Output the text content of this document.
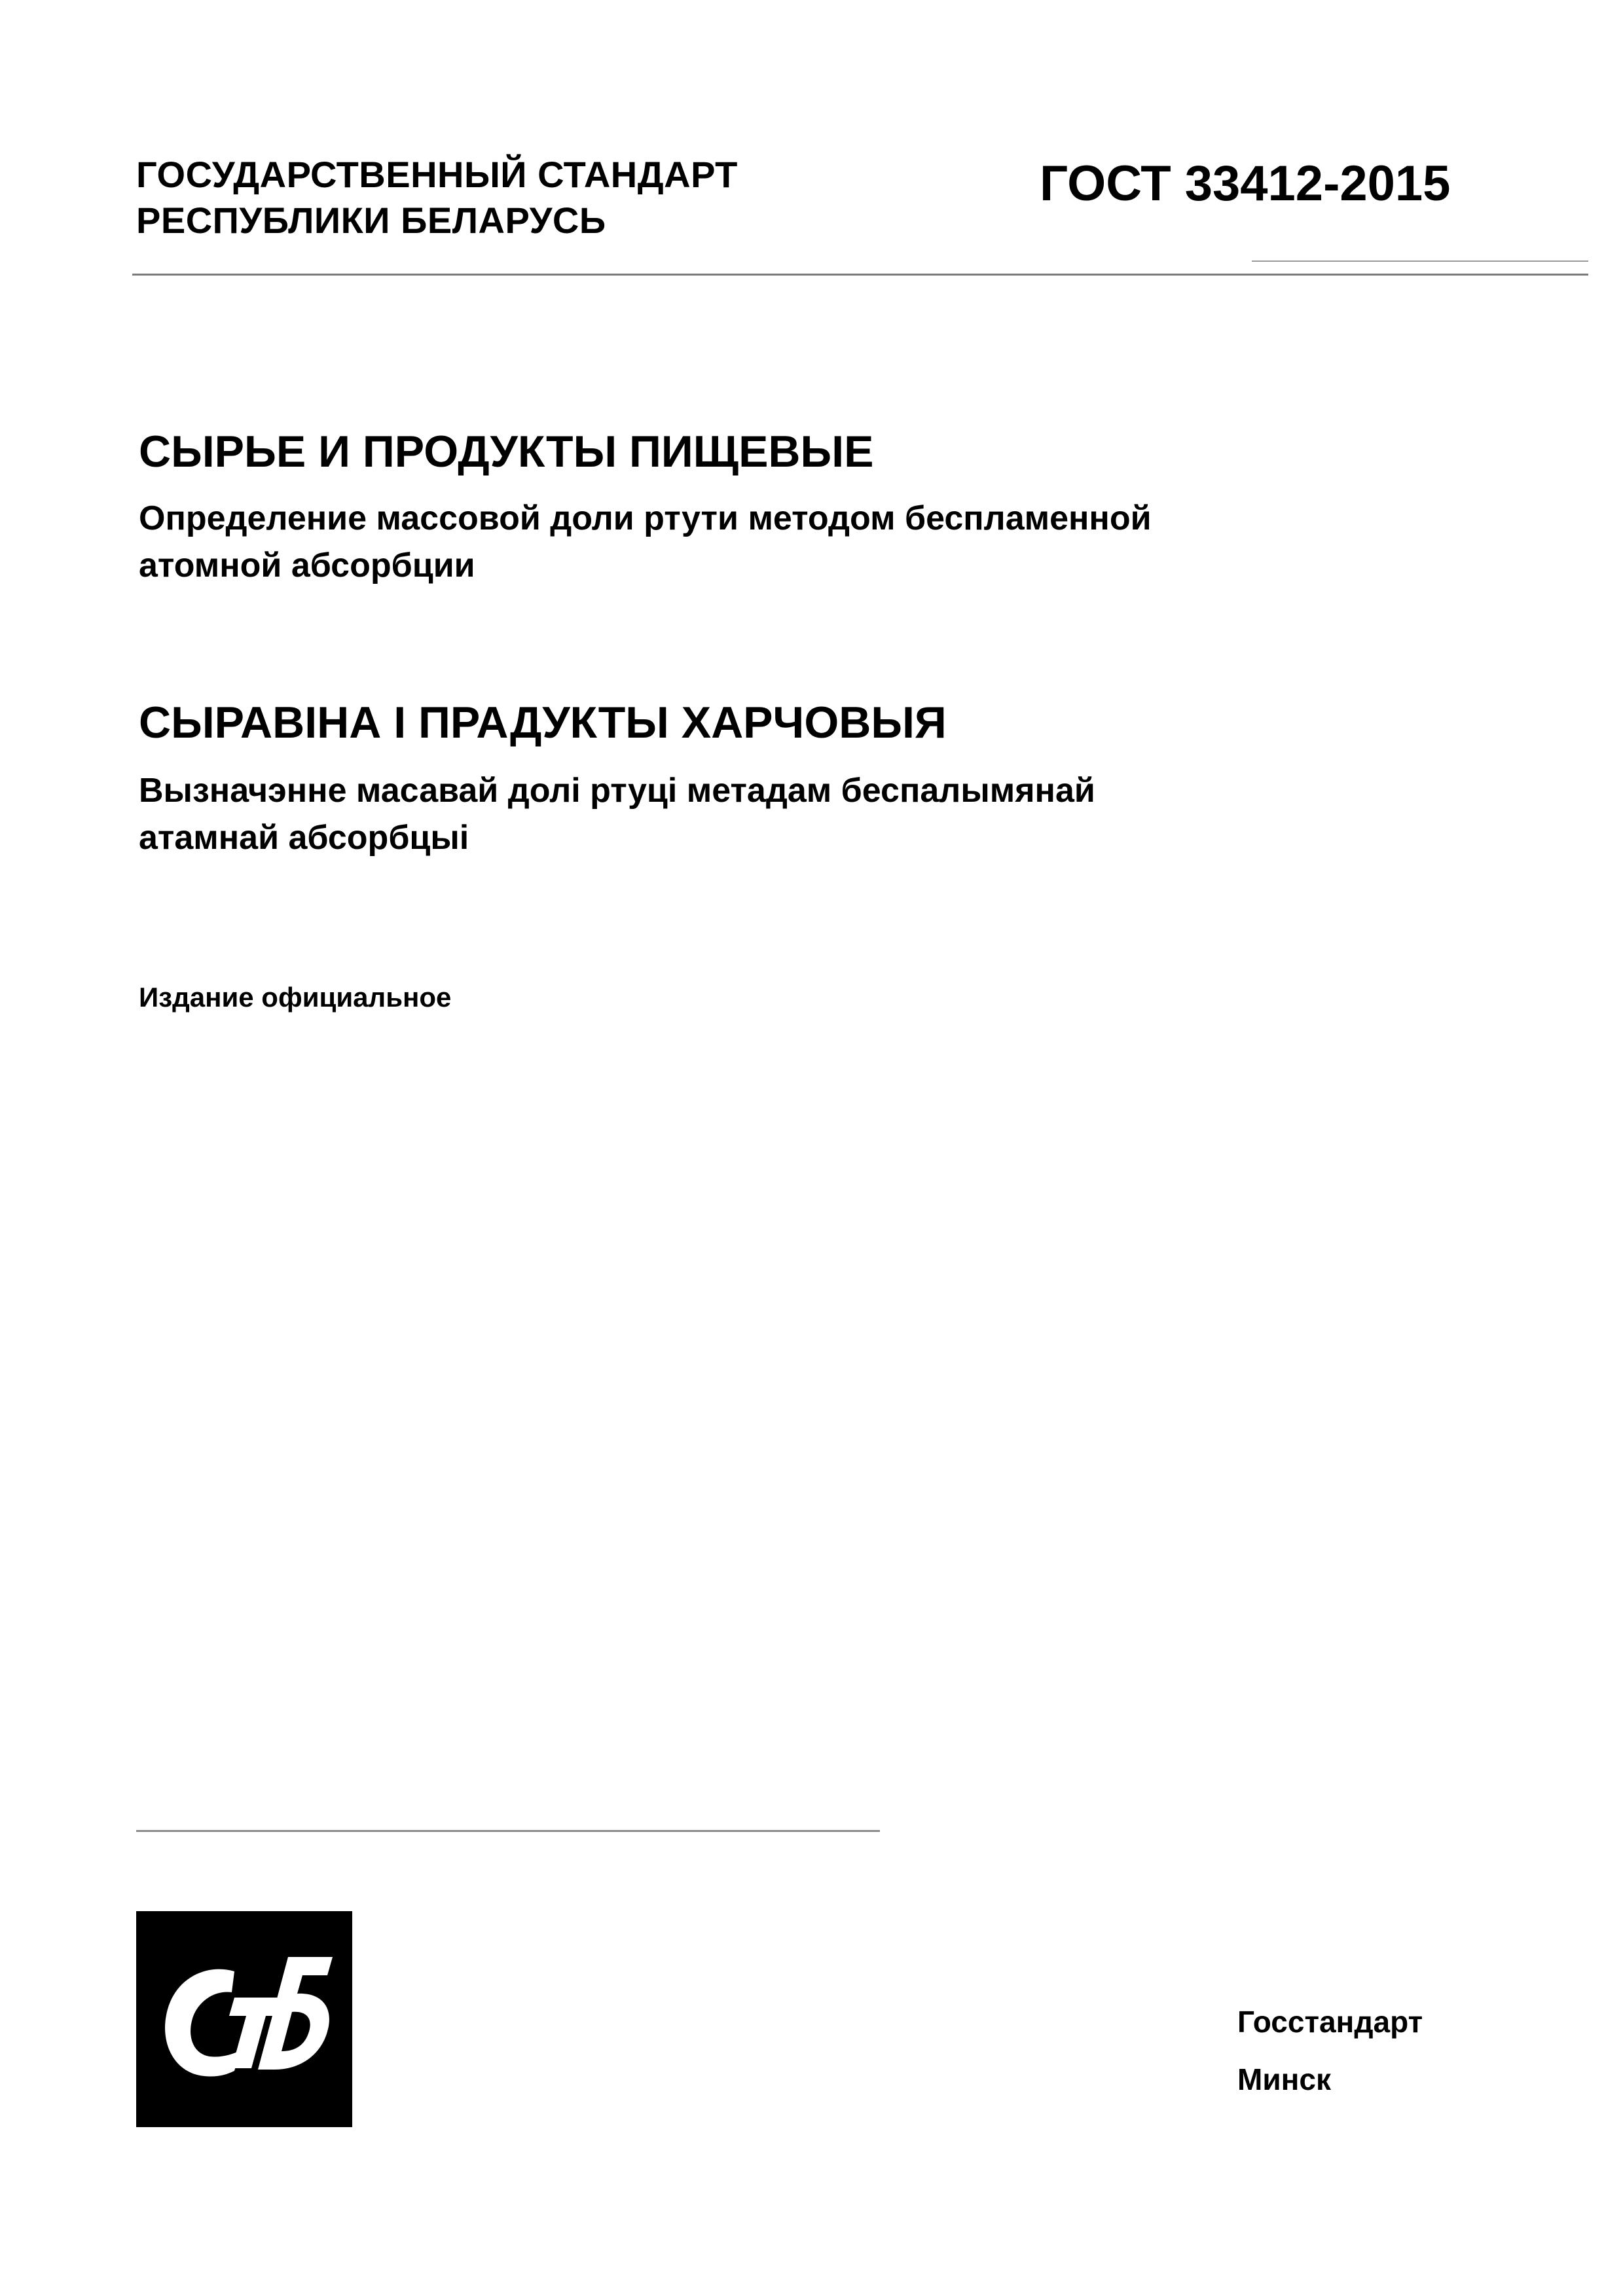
ГОСУДАРСТВЕННЫЙ СТАНДАРТ
РЕСПУБЛИКИ БЕЛАРУСЬ
ГОСТ 33412-2015
СЫРЬЕ И ПРОДУКТЫ ПИЩЕВЫЕ
Определение массовой доли ртути методом беспламенной
атомной абсорбции
СЫРАВІНА І ПРАДУКТЫ ХАРЧОВЫЯ
Вызначэнне масавай долі ртуці метадам беспалымянай
атамнай абсорбцыі
Издание официальное
Госстандарт
Минск
